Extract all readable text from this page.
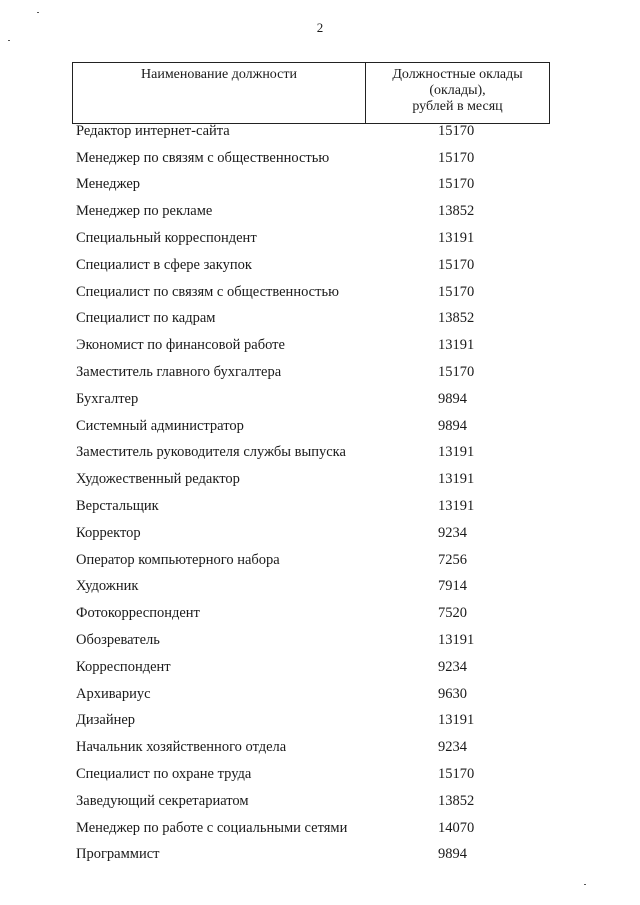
2
Наименование должности	Должностные оклады
(оклады),
рублей в месяц
Редактор интернет-сайта	15170
Менеджер по связям с общественностью	15170
Менеджер	15170
Менеджер по рекламе	13852
Специальный корреспондент	13191
Специалист в сфере закупок	15170
Специалист по связям с общественностью	15170
Специалист по кадрам	13852
Экономист по финансовой работе	13191
Заместитель главного бухгалтера	15170
Бухгалтер	9894
Системный администратор	9894
Заместитель руководителя службы выпуска	13191
Художественный редактор	13191
Верстальщик	13191
Корректор	9234
Оператор компьютерного набора	7256
Художник	7914
Фотокорреспондент	7520
Обозреватель	13191
Корреспондент	9234
Архивариус	9630
Дизайнер	13191
Начальник хозяйственного отдела	9234
Специалист по охране труда	15170
Заведующий секретариатом	13852
Менеджер по работе с социальными сетями	14070
Программист	9894
